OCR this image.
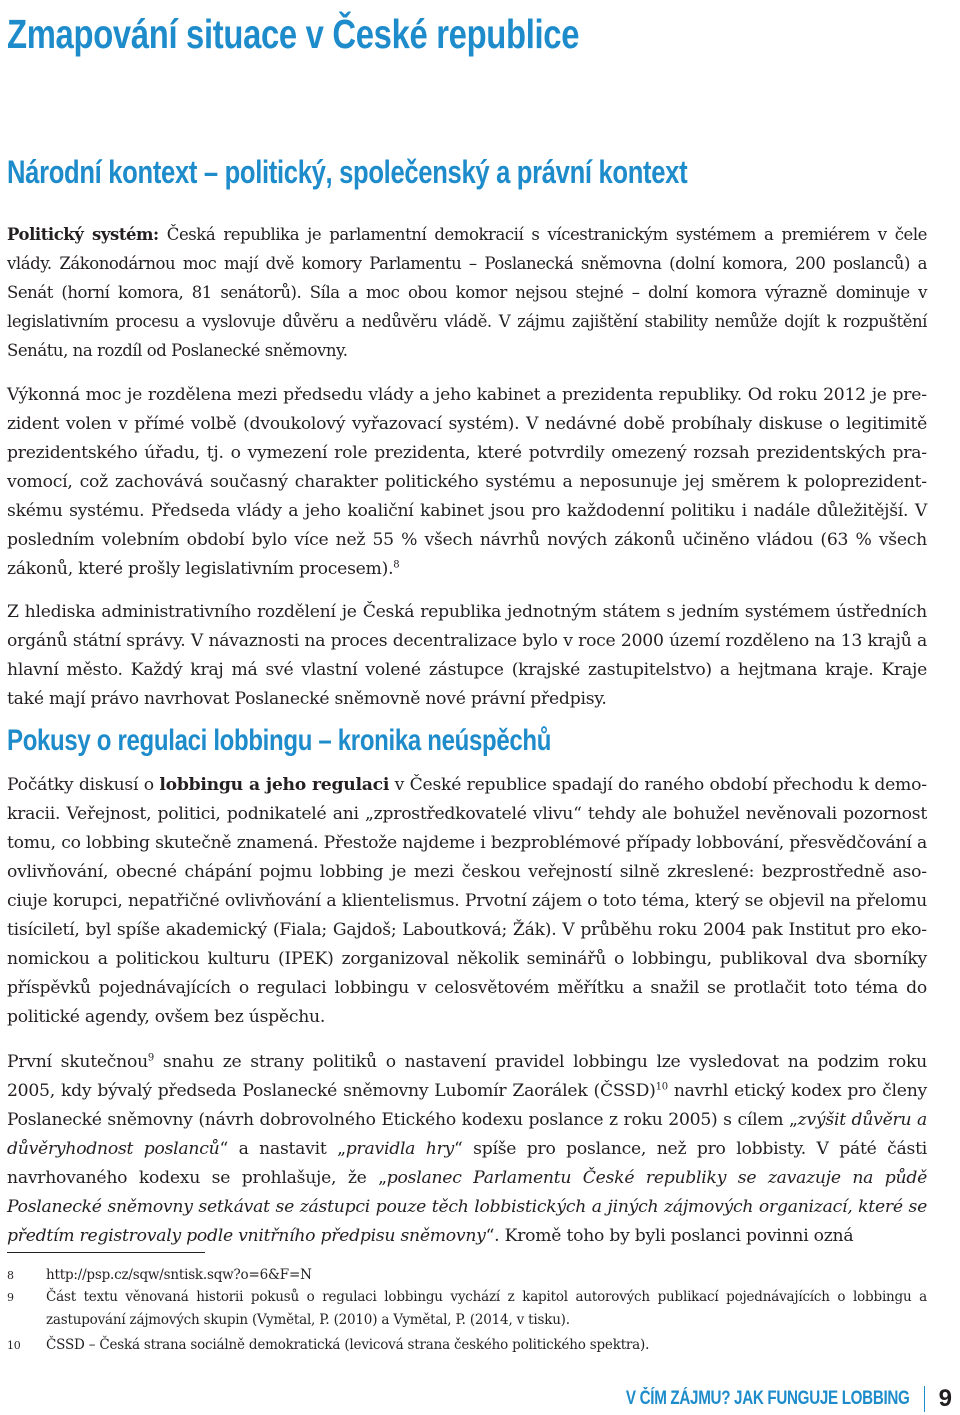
Zmapování situace v České republice
Národní kontext – politický, společenský a právní kontext

Politický systém: Česká republika je parlamentní demokracií s vícestranickým systémem a premiérem v čele vlády. Zákonodárnou moc mají dvě komory Parlamentu – Poslanecká sněmovna (dolní komora, 200 poslanců) a Senát (horní komora, 81 senátorů). Síla a moc obou komor nejsou stejné – dolní komora výrazně dominuje v legislativním procesu a vyslovuje důvěru a nedůvěru vládě. V zájmu zajištění stability nemůže dojít k rozpuštění Senátu, na rozdíl od Poslanecké sněmovny.

Výkonná moc je rozdělena mezi předsedu vlády a jeho kabinet a prezidenta republiky. Od roku 2012 je prezident volen v přímé volbě (dvoukolový vyřazovací systém). V nedávné době probíhaly diskuse o legitimitě prezidentského úřadu, tj. o vymezení role prezidenta, které potvrdily omezený rozsah prezidentských pravomocí, což zachovává současný charakter politického systému a neposunuje jej směrem k poloprezidentskému systému. Předseda vlády a jeho koaliční kabinet jsou pro každodenní politiku i nadále důležitější. V posledním volebním období bylo více než 55 % všech návrhů nových zákonů učiněno vládou (63 % všech zákonů, které prošly legislativním procesem).$^8$

Z hlediska administrativního rozdělení je Česká republika jednotným státem s jedním systémem ústředních orgánů státní správy. V návaznosti na proces decentralizace bylo v roce 2000 území rozděleno na 13 krajů a hlavní město. Každý kraj má své vlastní volené zástupce (krajské zastupitelstvo) a hejtmana kraje. Kraje také mají právo navrhovat Poslanecké sněmovně nové právní předpisy.

Pokusy o regulaci lobbingu – kronika neúspěchů

Počátky diskusí o lobbingu a jeho regulaci v České republice spadají do raného období přechodu k demokracii. Veřejnost, politici, podnikatelé ani „zprostředkovatelé vlivu“ tehdy ale bohužel nevěnovali pozornost tomu, co lobbing skutečně znamená. Přestože najdeme i bezproblémové případy lobbování, přesvědčování a ovlivňování, obecné chápání pojmu lobbing je mezi českou veřejností silně zkreslené: bezprostředně asociuje korupci, nepatřičné ovlivňování a klientelismus. Prvotní zájem o toto téma, který se objevil na přelomu tisíciletí, byl spíše akademický (Fiala; Gajdoš; Laboutková; Žák). V průběhu roku 2004 pak Institut pro ekonomickou a politickou kulturu (IPEK) zorganizoval několik seminářů o lobbingu, publikoval dva sborníky příspěvků pojednávajících o regulaci lobbingu v celosvětovém měřítku a snažil se protlačit toto téma do politické agendy, ovšem bez úspěchu.

První skutečnou$^9$ snahu ze strany politiků o nastavení pravidel lobbingu lze vysledovat na podzim roku 2005, kdy bývalý předseda Poslanecké sněmovny Lubomír Zaorálek (ČSSD)$^{10}$ navrhl etický kodex pro členy Poslanecké sněmovny (návrh dobrovolného Etického kodexu poslance z roku 2005) s cílem „zvýšit důvěru a důvěryhodnost poslanců“ a nastavit „pravidla hry“ spíše pro poslance, než pro lobbisty. V páté části navrhovaného kodexu se prohlašuje, že „poslanec Parlamentu České republiky se zavazuje na půdě Poslanecké sněmovny setkávat se zástupci pouze těch lobbistických a jiných zájmových organizací, které se předtím registrovaly podle vnitřního předpisu sněmovny“. Kromě toho by byli poslanci povinni ozná

8 http://psp.cz/sqw/sntisk.sqw?o=6&F=N
9 Část textu věnovaná historii pokusů o regulaci lobbingu vychází z kapitol autorových publikací pojednávajících o lobbingu a zastupování zájmových skupin (Vymětal, P. (2010) a Vymětal, P. (2014, v tisku).
10 ČSSD – Česká strana sociálně demokratická (levicová strana českého politického spektra).
V ČÍM ZÁJMU? JAK FUNGUJE LOBBING 9
